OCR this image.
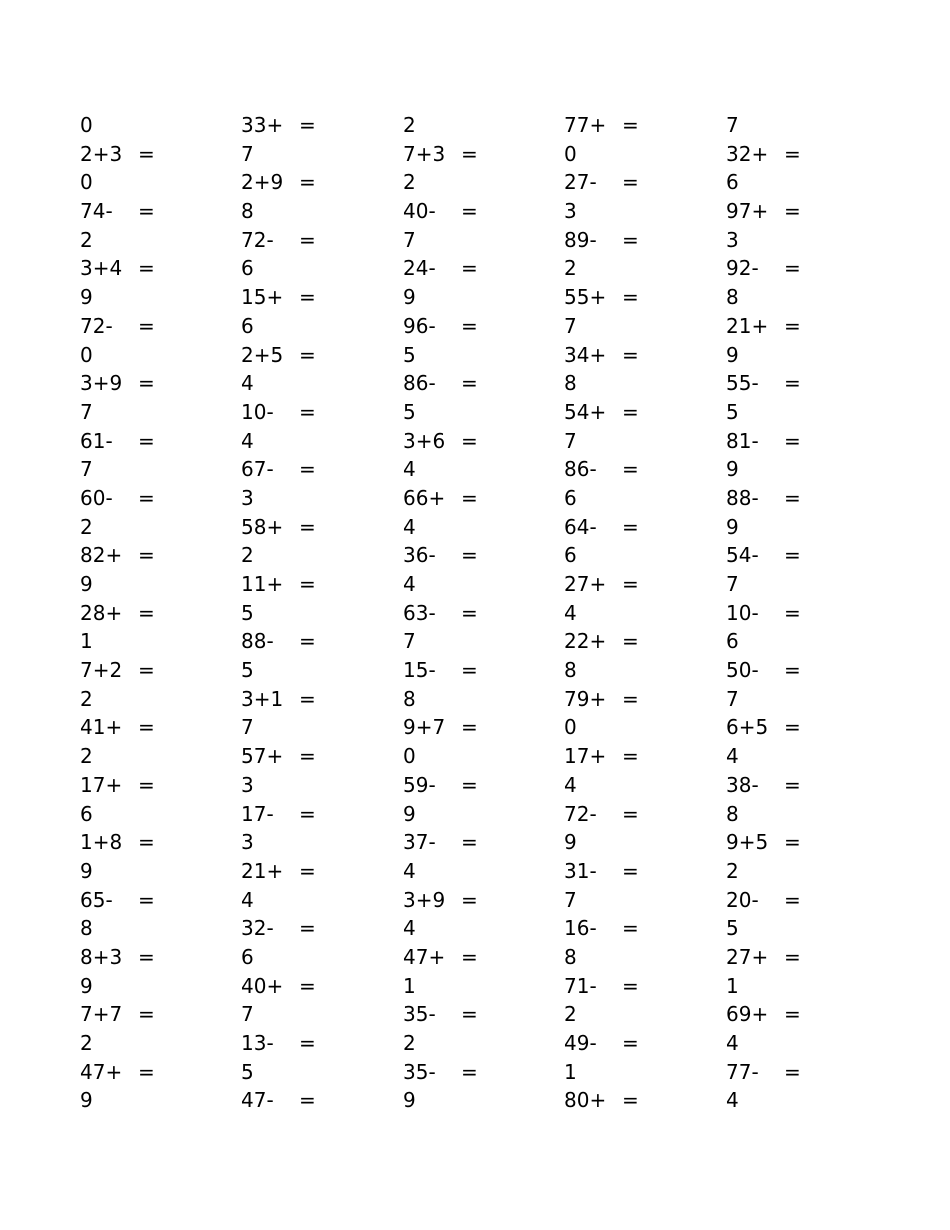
0
2+3 =
0
74- =
2
3+4 =
9
72- =
0
3+9 =
7
61- =
7
60- =
2
82+ =
9
28+ =
1
7+2 =
2
41+ =
2
17+ =
6
1+8 =
9
65- =
8
8+3 =
9
7+7 =
2
47+ =
9
33+ =
7
2+9 =
8
72- =
6
15+ =
6
2+5 =
4
10- =
4
67- =
3
58+ =
2
11+ =
5
88- =
5
3+1 =
7
57+ =
3
17- =
3
21+ =
4
32- =
6
40+ =
7
13- =
5
47- =
2
7+3 =
2
40- =
7
24- =
9
96- =
5
86- =
5
3+6 =
4
66+ =
4
36- =
4
63- =
7
15- =
8
9+7 =
0
59- =
9
37- =
4
3+9 =
4
47+ =
1
35- =
2
35- =
9
77+ =
0
27- =
3
89- =
2
55+ =
7
34+ =
8
54+ =
7
86- =
6
64- =
6
27+ =
4
22+ =
8
79+ =
0
17+ =
4
72- =
9
31- =
7
16- =
8
71- =
2
49- =
1
80+ =
7
32+ =
6
97+ =
3
92- =
8
21+ =
9
55- =
5
81- =
9
88- =
9
54- =
7
10- =
6
50- =
7
6+5 =
4
38- =
8
9+5 =
2
20- =
5
27+ =
1
69+ =
4
77- =
4
